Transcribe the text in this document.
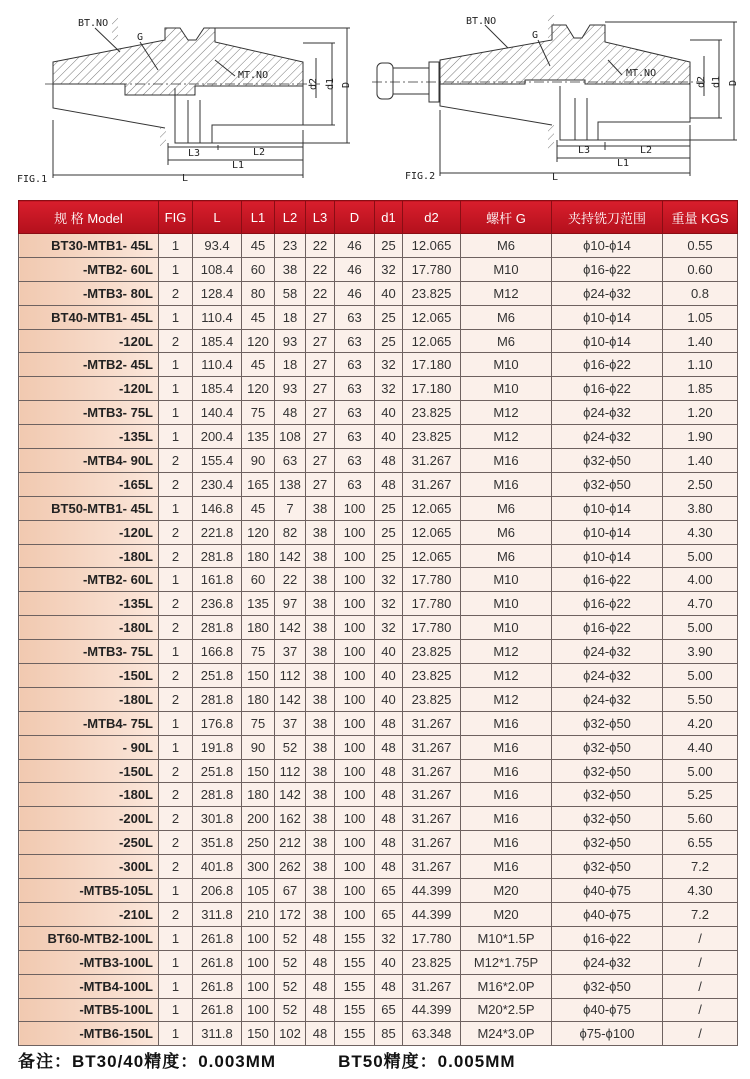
BT.NO
G
MT.NO
d2 d1 D
L3	L2
L1
L
FIG.1
BT.NO
G
MT.NO
d2 d1 D
L3	L2
L1
L
FIG.2
规 格 Model	FIG	L	L1	L2	L3	D	d1	d2	螺杆 G	夹持铣刀范围	重量 KGS
BT30-MTB1- 45L	1	93.4	45	23	22	46	25	12.065	M6	ϕ10-ϕ14	0.55
-MTB2- 60L	1	108.4	60	38	22	46	32	17.780	M10	ϕ16-ϕ22	0.60
-MTB3- 80L	2	128.4	80	58	22	46	40	23.825	M12	ϕ24-ϕ32	0.8
BT40-MTB1- 45L	1	110.4	45	18	27	63	25	12.065	M6	ϕ10-ϕ14	1.05
-120L	2	185.4	120	93	27	63	25	12.065	M6	ϕ10-ϕ14	1.40
-MTB2- 45L	1	110.4	45	18	27	63	32	17.180	M10	ϕ16-ϕ22	1.10
-120L	1	185.4	120	93	27	63	32	17.180	M10	ϕ16-ϕ22	1.85
-MTB3- 75L	1	140.4	75	48	27	63	40	23.825	M12	ϕ24-ϕ32	1.20
-135L	1	200.4	135	108	27	63	40	23.825	M12	ϕ24-ϕ32	1.90
-MTB4- 90L	2	155.4	90	63	27	63	48	31.267	M16	ϕ32-ϕ50	1.40
-165L	2	230.4	165	138	27	63	48	31.267	M16	ϕ32-ϕ50	2.50
BT50-MTB1- 45L	1	146.8	45	7	38	100	25	12.065	M6	ϕ10-ϕ14	3.80
-120L	2	221.8	120	82	38	100	25	12.065	M6	ϕ10-ϕ14	4.30
-180L	2	281.8	180	142	38	100	25	12.065	M6	ϕ10-ϕ14	5.00
-MTB2- 60L	1	161.8	60	22	38	100	32	17.780	M10	ϕ16-ϕ22	4.00
-135L	2	236.8	135	97	38	100	32	17.780	M10	ϕ16-ϕ22	4.70
-180L	2	281.8	180	142	38	100	32	17.780	M10	ϕ16-ϕ22	5.00
-MTB3- 75L	1	166.8	75	37	38	100	40	23.825	M12	ϕ24-ϕ32	3.90
-150L	2	251.8	150	112	38	100	40	23.825	M12	ϕ24-ϕ32	5.00
-180L	2	281.8	180	142	38	100	40	23.825	M12	ϕ24-ϕ32	5.50
-MTB4- 75L	1	176.8	75	37	38	100	48	31.267	M16	ϕ32-ϕ50	4.20
- 90L	1	191.8	90	52	38	100	48	31.267	M16	ϕ32-ϕ50	4.40
-150L	2	251.8	150	112	38	100	48	31.267	M16	ϕ32-ϕ50	5.00
-180L	2	281.8	180	142	38	100	48	31.267	M16	ϕ32-ϕ50	5.25
-200L	2	301.8	200	162	38	100	48	31.267	M16	ϕ32-ϕ50	5.60
-250L	2	351.8	250	212	38	100	48	31.267	M16	ϕ32-ϕ50	6.55
-300L	2	401.8	300	262	38	100	48	31.267	M16	ϕ32-ϕ50	7.2
-MTB5-105L	1	206.8	105	67	38	100	65	44.399	M20	ϕ40-ϕ75	4.30
-210L	2	311.8	210	172	38	100	65	44.399	M20	ϕ40-ϕ75	7.2
BT60-MTB2-100L	1	261.8	100	52	48	155	32	17.780	M10*1.5P	ϕ16-ϕ22	/
-MTB3-100L	1	261.8	100	52	48	155	40	23.825	M12*1.75P	ϕ24-ϕ32	/
-MTB4-100L	1	261.8	100	52	48	155	48	31.267	M16*2.0P	ϕ32-ϕ50	/
-MTB5-100L	1	261.8	100	52	48	155	65	44.399	M20*2.5P	ϕ40-ϕ75	/
-MTB6-150L	1	311.8	150	102	48	155	85	63.348	M24*3.0P	ϕ75-ϕ100	/
备注：BT30/40精度：0.003MM	BT50精度：0.005MM
